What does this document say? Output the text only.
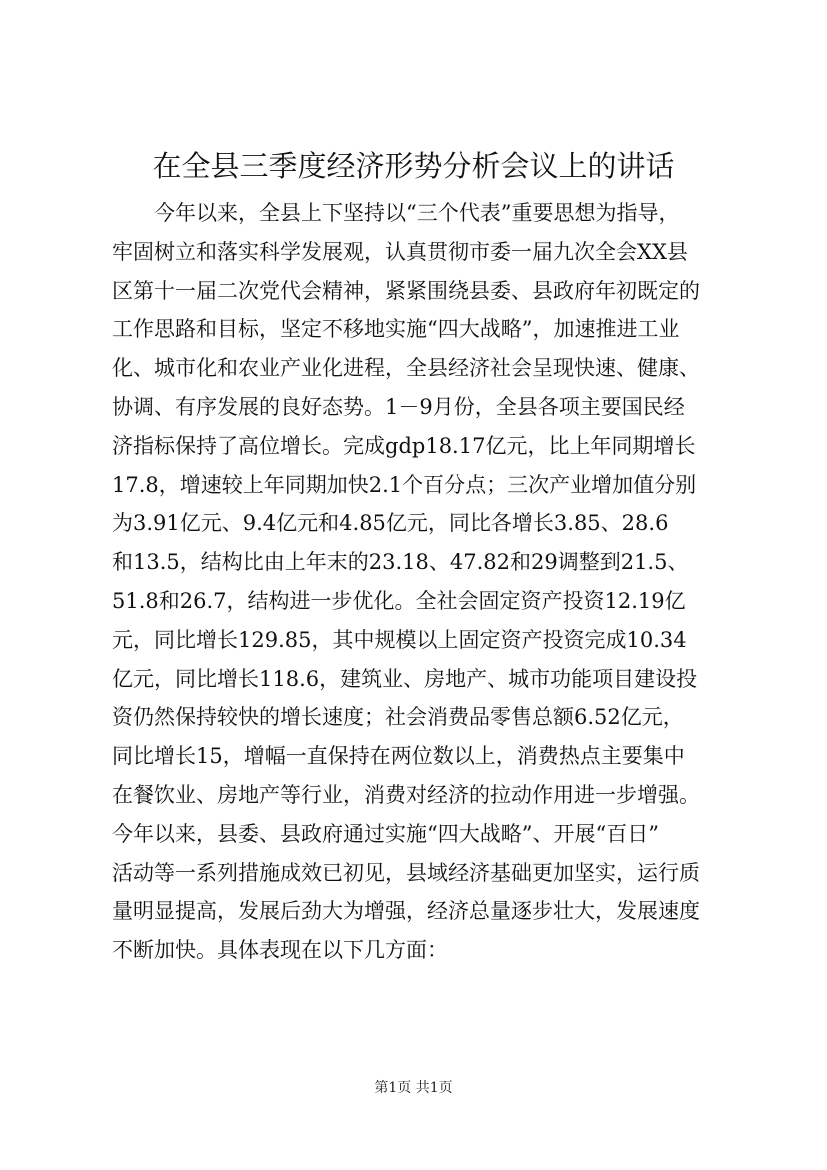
在全县三季度经济形势分析会议上的讲话
今年以来，全县上下坚持以“三个代表”重要思想为指导，
牢固树立和落实科学发展观，认真贯彻市委一届九次全会XX县
区第十一届二次党代会精神，紧紧围绕县委、县政府年初既定的
工作思路和目标，坚定不移地实施“四大战略”，加速推进工业
化、城市化和农业产业化进程，全县经济社会呈现快速、健康、
协调、有序发展的良好态势。1－9月份，全县各项主要国民经
济指标保持了高位增长。完成gdp18.17亿元，比上年同期增长
17.8，增速较上年同期加快2.1个百分点；三次产业增加值分别
为3.91亿元、9.4亿元和4.85亿元，同比各增长3.85、28.6
和13.5，结构比由上年末的23.18、47.82和29调整到21.5、
51.8和26.7，结构进一步优化。全社会固定资产投资12.19亿
元，同比增长129.85，其中规模以上固定资产投资完成10.34
亿元，同比增长118.6，建筑业、房地产、城市功能项目建设投
资仍然保持较快的增长速度；社会消费品零售总额6.52亿元，
同比增长15，增幅一直保持在两位数以上，消费热点主要集中
在餐饮业、房地产等行业，消费对经济的拉动作用进一步增强。
今年以来，县委、县政府通过实施“四大战略”、开展“百日”
活动等一系列措施成效已初见，县域经济基础更加坚实，运行质
量明显提高，发展后劲大为增强，经济总量逐步壮大，发展速度
不断加快。具体表现在以下几方面：
第1页 共1页
